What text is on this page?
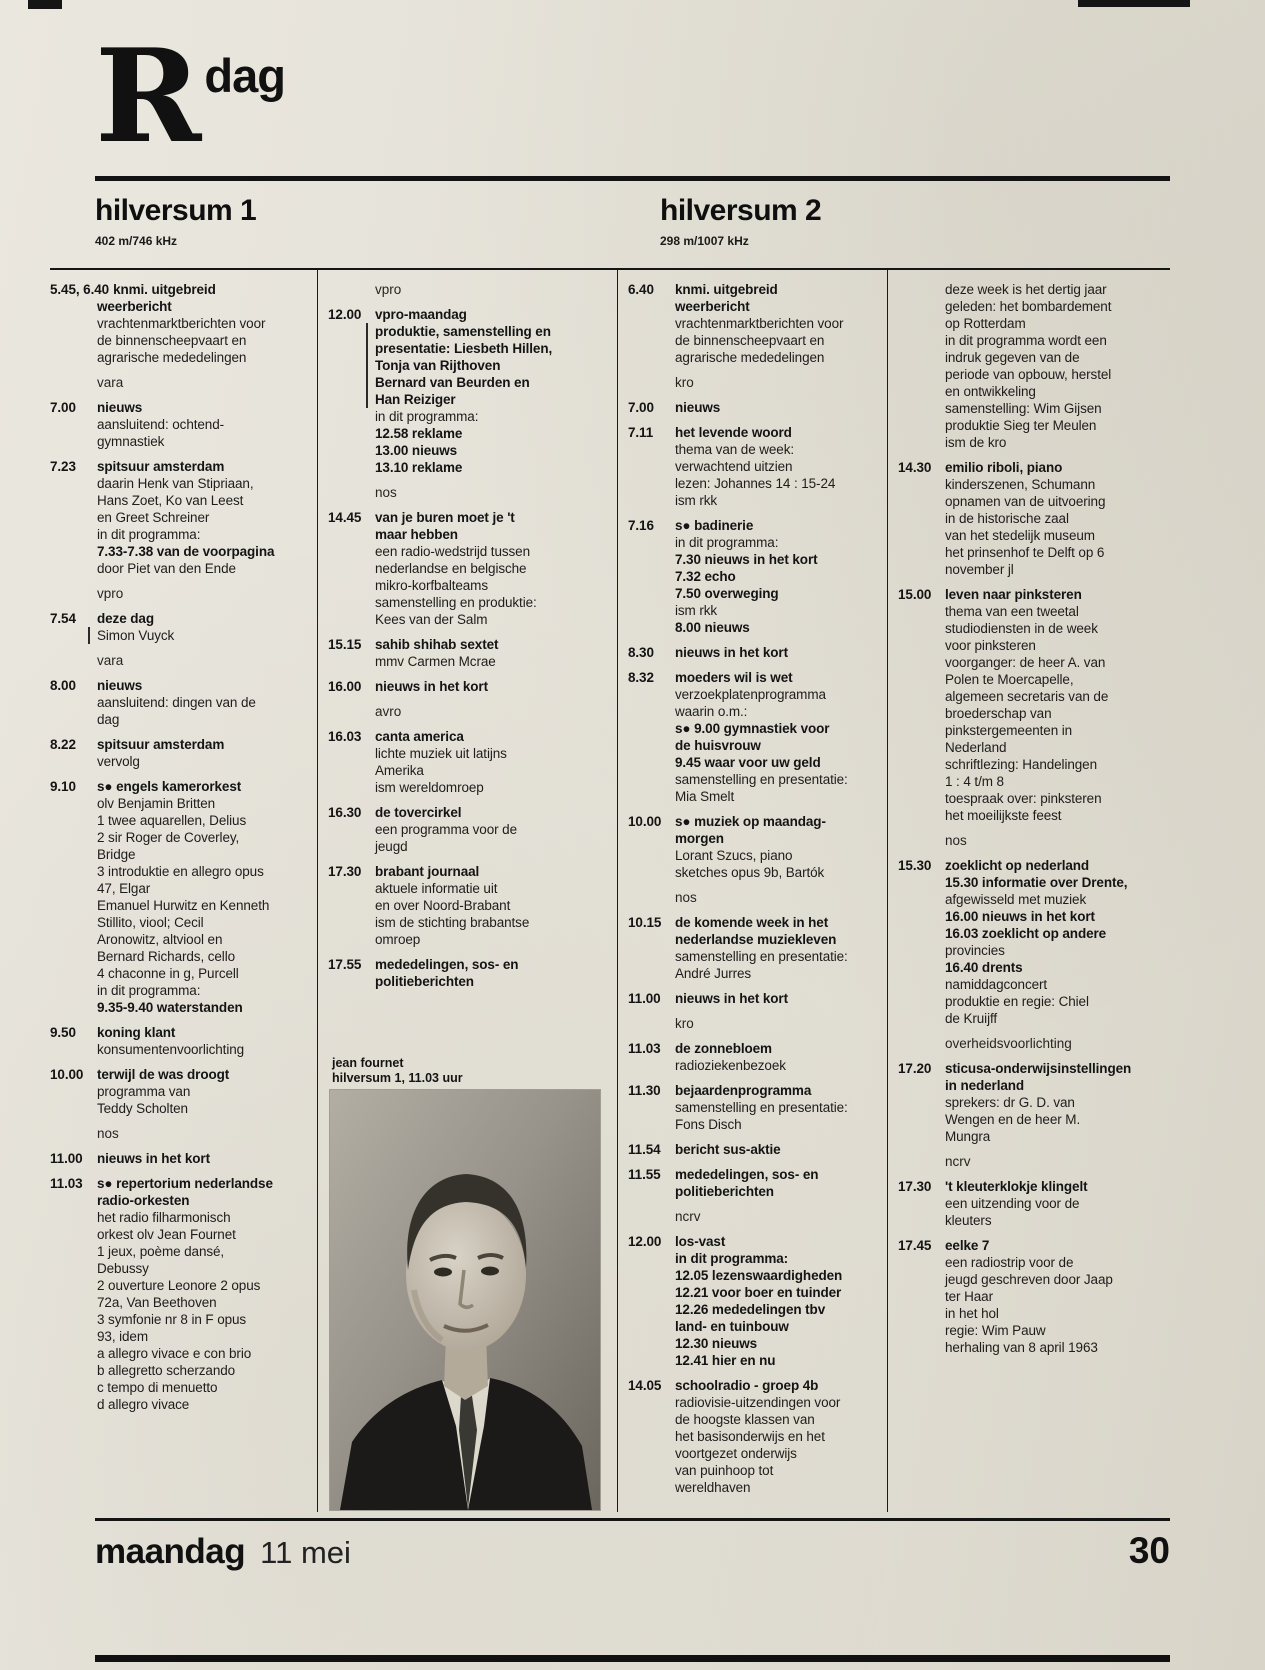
R dag
hilversum 1
402 m/746 kHz
hilversum 2
298 m/1007 kHz
5.45, 6.40 knmi. uitgebreid
weerbericht
vrachtenmarktberichten voor
de binnenscheepvaart en
agrarische mededelingen
vara
7.00	nieuws
aansluitend: ochtend-
gymnastiek
7.23	spitsuur amsterdam
daarin Henk van Stipriaan,
Hans Zoet, Ko van Leest
en Greet Schreiner
in dit programma:
7.33-7.38 van de voorpagina
door Piet van den Ende
vpro
7.54	deze dag
Simon Vuyck
vara
8.00	nieuws
aansluitend: dingen van de
dag
8.22	spitsuur amsterdam
vervolg
9.10	s● engels kamerorkest
olv Benjamin Britten
1 twee aquarellen, Delius
2 sir Roger de Coverley,
Bridge
3 introduktie en allegro opus
47, Elgar
Emanuel Hurwitz en Kenneth
Stillito, viool; Cecil
Aronowitz, altviool en
Bernard Richards, cello
4 chaconne in g, Purcell
in dit programma:
9.35-9.40 waterstanden
9.50	koning klant
konsumentenvoorlichting
10.00	terwijl de was droogt
programma van
Teddy Scholten
nos
11.00	nieuws in het kort
11.03	s● repertorium nederlandse
radio-orkesten
het radio filharmonisch
orkest olv Jean Fournet
1 jeux, poème dansé,
Debussy
2 ouverture Leonore 2 opus
72a, Van Beethoven
3 symfonie nr 8 in F opus
93, idem
a allegro vivace e con brio
b allegretto scherzando
c tempo di menuetto
d allegro vivace
vpro
12.00	vpro-maandag
produktie, samenstelling en
presentatie: Liesbeth Hillen,
Tonja van Rijthoven
Bernard van Beurden en
Han Reiziger
in dit programma:
12.58 reklame
13.00 nieuws
13.10 reklame
nos
14.45	van je buren moet je 't
maar hebben
een radio-wedstrijd tussen
nederlandse en belgische
mikro-korfbalteams
samenstelling en produktie:
Kees van der Salm
15.15	sahib shihab sextet
mmv Carmen Mcrae
16.00	nieuws in het kort
avro
16.03	canta america
lichte muziek uit latijns
Amerika
ism wereldomroep
16.30	de tovercirkel
een programma voor de
jeugd
17.30	brabant journaal
aktuele informatie uit
en over Noord-Brabant
ism de stichting brabantse
omroep
17.55	mededelingen, sos- en
politieberichten
jean fournet
hilversum 1, 11.03 uur
6.40	knmi. uitgebreid
weerbericht
vrachtenmarktberichten voor
de binnenscheepvaart en
agrarische mededelingen
kro
7.00	nieuws
7.11	het levende woord
thema van de week:
verwachtend uitzien
lezen: Johannes 14 : 15-24
ism rkk
7.16	s● badinerie
in dit programma:
7.30 nieuws in het kort
7.32 echo
7.50 overweging
ism rkk
8.00 nieuws
8.30	nieuws in het kort
8.32	moeders wil is wet
verzoekplatenprogramma
waarin o.m.:
s● 9.00 gymnastiek voor
de huisvrouw
9.45 waar voor uw geld
samenstelling en presentatie:
Mia Smelt
10.00	s● muziek op maandag-
morgen
Lorant Szucs, piano
sketches opus 9b, Bartók
nos
10.15	de komende week in het
nederlandse muziekleven
samenstelling en presentatie:
André Jurres
11.00	nieuws in het kort
kro
11.03	de zonnebloem
radioziekenbezoek
11.30	bejaardenprogramma
samenstelling en presentatie:
Fons Disch
11.54	bericht sus-aktie
11.55	mededelingen, sos- en
politieberichten
ncrv
12.00	los-vast
in dit programma:
12.05 lezenswaardigheden
12.21 voor boer en tuinder
12.26 mededelingen tbv
land- en tuinbouw
12.30 nieuws
12.41 hier en nu
14.05	schoolradio - groep 4b
radiovisie-uitzendingen voor
de hoogste klassen van
het basisonderwijs en het
voortgezet onderwijs
van puinhoop tot
wereldhaven
deze week is het dertig jaar
geleden: het bombardement
op Rotterdam
in dit programma wordt een
indruk gegeven van de
periode van opbouw, herstel
en ontwikkeling
samenstelling: Wim Gijsen
produktie Sieg ter Meulen
ism de kro
14.30	emilio riboli, piano
kinderszenen, Schumann
opnamen van de uitvoering
in de historische zaal
van het stedelijk museum
het prinsenhof te Delft op 6
november jl
15.00	leven naar pinksteren
thema van een tweetal
studiodiensten in de week
voor pinksteren
voorganger: de heer A. van
Polen te Moercapelle,
algemeen secretaris van de
broederschap van
pinkstergemeenten in
Nederland
schriftlezing: Handelingen
1 : 4 t/m 8
toespraak over: pinksteren
het moeilijkste feest
nos
15.30	zoeklicht op nederland
15.30 informatie over Drente,
afgewisseld met muziek
16.00 nieuws in het kort
16.03 zoeklicht op andere
provincies
16.40 drents
namiddagconcert
produktie en regie: Chiel
de Kruijff
overheidsvoorlichting
17.20	sticusa-onderwijsinstellingen
in nederland
sprekers: dr G. D. van
Wengen en de heer M.
Mungra
ncrv
17.30	't kleuterklokje klingelt
een uitzending voor de
kleuters
17.45	eelke 7
een radiostrip voor de
jeugd geschreven door Jaap
ter Haar
in het hol
regie: Wim Pauw
herhaling van 8 april 1963
maandag 11 mei	30
